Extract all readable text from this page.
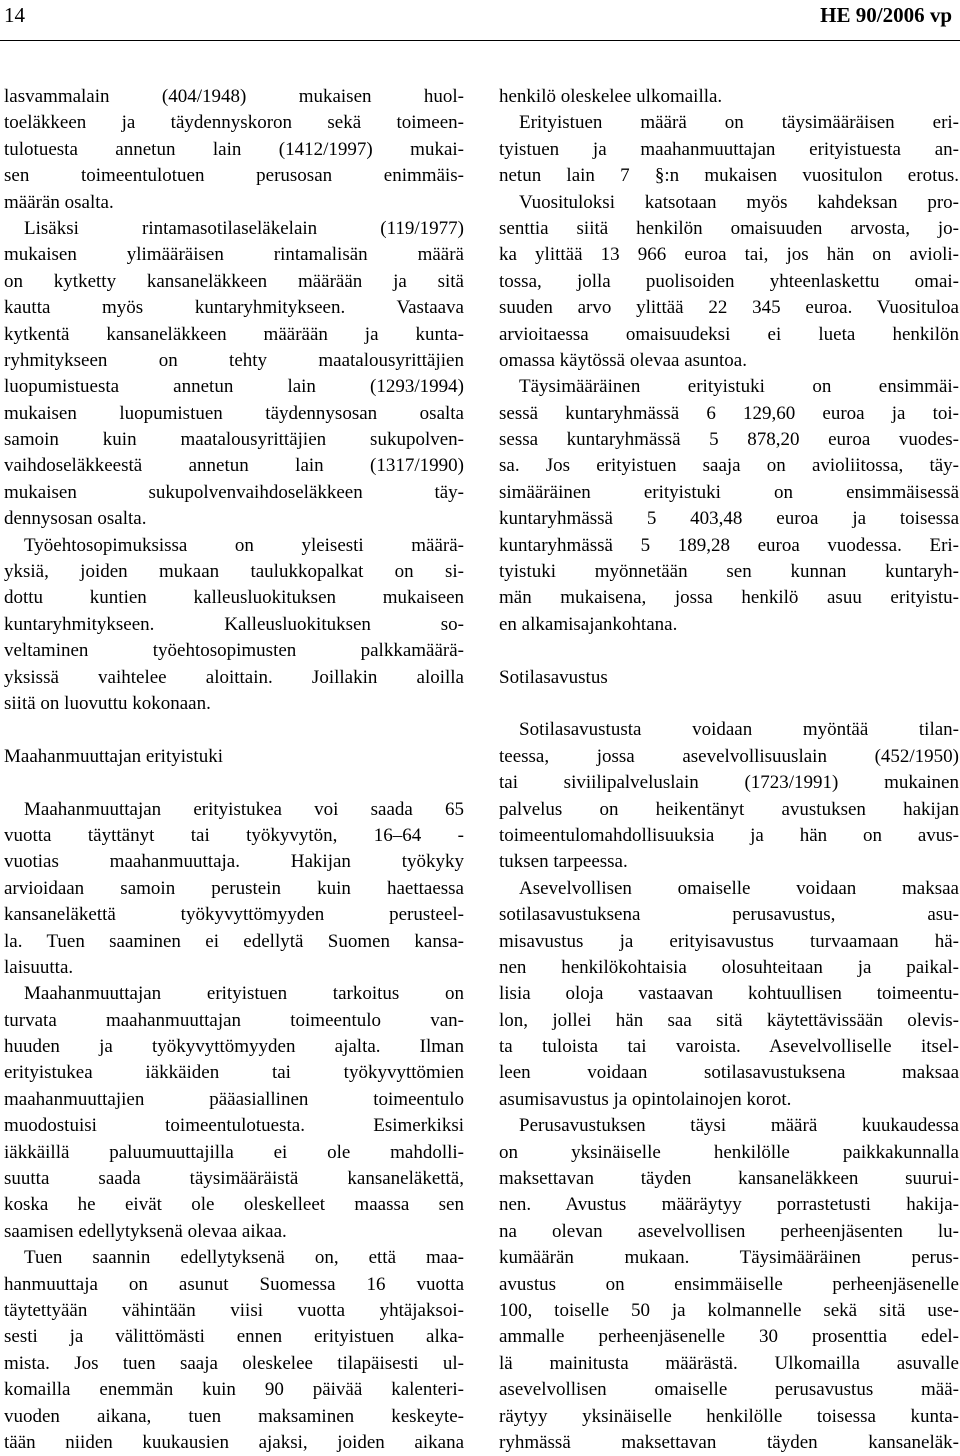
14	HE 90/2006 vp
lasvammalain (404/1948) mukaisen huol-
toeläkkeen ja täydennyskoron sekä toimeen-
tulotuesta annetun lain (1412/1997) mukai-
sen toimeentulotuen perusosan enimmäis-
määrän osalta.
Lisäksi rintamasotilaseläkelain (119/1977)
mukaisen ylimääräisen rintamalisän määrä
on kytketty kansaneläkkeen määrään ja sitä
kautta myös kuntaryhmitykseen. Vastaava
kytkentä kansaneläkkeen määrään ja kunta-
ryhmitykseen on tehty maatalousyrittäjien
luopumistuesta annetun lain (1293/1994)
mukaisen luopumistuen täydennysosan osalta
samoin kuin maatalousyrittäjien sukupolven-
vaihdoseläkkeestä annetun lain (1317/1990)
mukaisen sukupolvenvaihdoseläkkeen täy-
dennysosan osalta.
Työehtosopimuksissa on yleisesti määrä-
yksiä, joiden mukaan taulukkopalkat on si-
dottu kuntien kalleusluokituksen mukaiseen
kuntaryhmitykseen. Kalleusluokituksen so-
veltaminen työehtosopimusten palkkamäärä-
yksissä vaihtelee aloittain. Joillakin aloilla
siitä on luovuttu kokonaan.
Maahanmuuttajan erityistuki
Maahanmuuttajan erityistukea voi saada 65
vuotta täyttänyt tai työkyvytön, 16–64 -
vuotias maahanmuuttaja. Hakijan työkyky
arvioidaan samoin perustein kuin haettaessa
kansaneläkettä työkyvyttömyyden perusteel-
la. Tuen saaminen ei edellytä Suomen kansa-
laisuutta.
Maahanmuuttajan erityistuen tarkoitus on
turvata maahanmuuttajan toimeentulo van-
huuden ja työkyvyttömyyden ajalta. Ilman
erityistukea iäkkäiden tai työkyvyttömien
maahanmuuttajien pääasiallinen toimeentulo
muodostuisi toimeentulotuesta. Esimerkiksi
iäkkäillä paluumuuttajilla ei ole mahdolli-
suutta saada täysimääräistä kansaneläkettä,
koska he eivät ole oleskelleet maassa sen
saamisen edellytyksenä olevaa aikaa.
Tuen saannin edellytyksenä on, että maa-
hanmuuttaja on asunut Suomessa 16 vuotta
täytettyään vähintään viisi vuotta yhtäjaksoi-
sesti ja välittömästi ennen erityistuen alka-
mista. Jos tuen saaja oleskelee tilapäisesti ul-
komailla enemmän kuin 90 päivää kalenteri-
vuoden aikana, tuen maksaminen keskeyte-
tään niiden kuukausien ajaksi, joiden aikana
henkilö oleskelee ulkomailla.
Erityistuen määrä on täysimääräisen eri-
tyistuen ja maahanmuuttajan erityistuesta an-
netun lain 7 §:n mukaisen vuositulon erotus.
Vuosituloksi katsotaan myös kahdeksan pro-
senttia siitä henkilön omaisuuden arvosta, jo-
ka ylittää 13 966 euroa tai, jos hän on avioli-
tossa, jolla puolisoiden yhteenlaskettu omai-
suuden arvo ylittää 22 345 euroa. Vuosituloa
arvioitaessa omaisuudeksi ei lueta henkilön
omassa käytössä olevaa asuntoa.
Täysimääräinen erityistuki on ensimmäi-
sessä kuntaryhmässä 6 129,60 euroa ja toi-
sessa kuntaryhmässä 5 878,20 euroa vuodes-
sa. Jos erityistuen saaja on avioliitossa, täy-
simääräinen erityistuki on ensimmäisessä
kuntaryhmässä 5 403,48 euroa ja toisessa
kuntaryhmässä 5 189,28 euroa vuodessa. Eri-
tyistuki myönnetään sen kunnan kuntaryh-
män mukaisena, jossa henkilö asuu erityistu-
en alkamisajankohtana.
Sotilasavustus
Sotilasavustusta voidaan myöntää tilan-
teessa, jossa asevelvollisuuslain (452/1950)
tai siviilipalveluslain (1723/1991) mukainen
palvelus on heikentänyt avustuksen hakijan
toimeentulomahdollisuuksia ja hän on avus-
tuksen tarpeessa.
Asevelvollisen omaiselle voidaan maksaa
sotilasavustuksena perusavustus, asu-
misavustus ja erityisavustus turvaamaan hä-
nen henkilökohtaisia olosuhteitaan ja paikal-
lisia oloja vastaavan kohtuullisen toimeentu-
lon, jollei hän saa sitä käytettävissään olevis-
ta tuloista tai varoista. Asevelvolliselle itsel-
leen voidaan sotilasavustuksena maksaa
asumisavustus ja opintolainojen korot.
Perusavustuksen täysi määrä kuukaudessa
on yksinäiselle henkilölle paikkakunnalla
maksettavan täyden kansaneläkkeen suurui-
nen. Avustus määräytyy porrastetusti hakija-
na olevan asevelvollisen perheenjäsenten lu-
kumäärän mukaan. Täysimääräinen perus-
avustus on ensimmäiselle perheenjäsenelle
100, toiselle 50 ja kolmannelle sekä sitä use-
ammalle perheenjäsenelle 30 prosenttia edel-
lä mainitusta määrästä. Ulkomailla asuvalle
asevelvollisen omaiselle perusavustus mää-
räytyy yksinäiselle henkilölle toisessa kunta-
ryhmässä maksettavan täyden kansaneläk-
